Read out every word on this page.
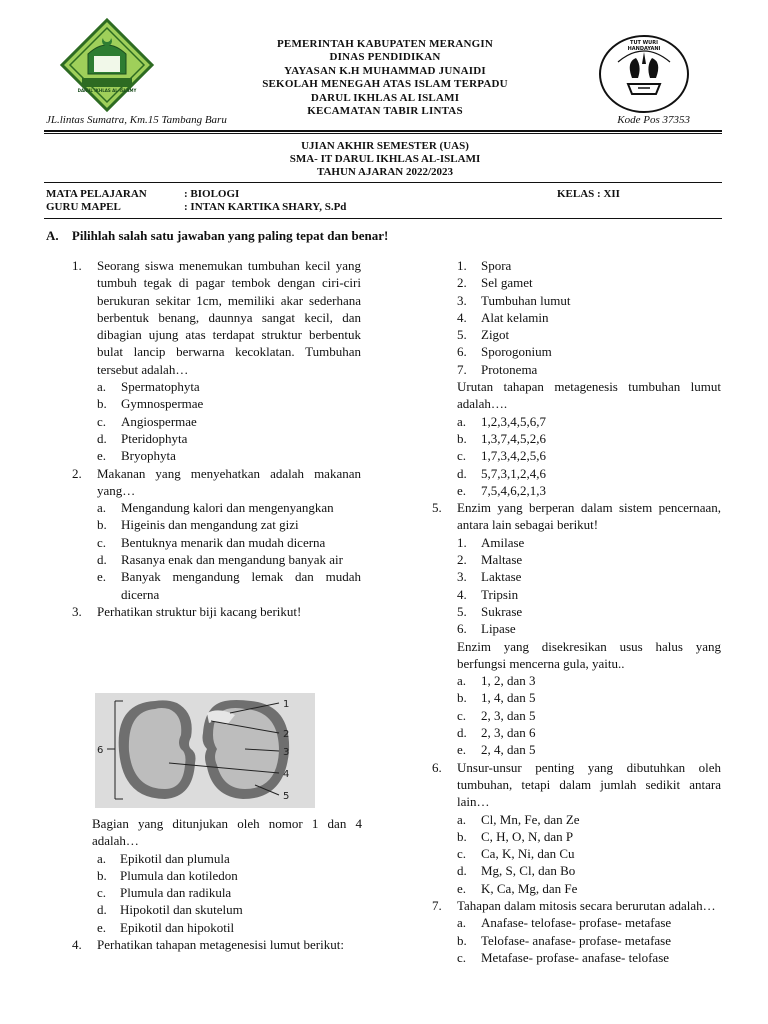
DARUL IKHLAS AL-ISLAMY
TUT WURI HANDAYANI
PEMERINTAH KABUPATEN MERANGIN
DINAS PENDIDIKAN
YAYASAN K.H MUHAMMAD JUNAIDI
SEKOLAH MENEGAH ATAS ISLAM TERPADU
DARUL IKHLAS AL ISLAMI
KECAMATAN TABIR LINTAS
JL.lintas Sumatra, Km.15 Tambang Baru	Kode Pos 37353
UJIAN AKHIR SEMESTER (UAS)
SMA- IT DARUL IKHLAS AL-ISLAMI
TAHUN AJARAN 2022/2023
MATA PELAJARAN	: BIOLOGI	KELAS : XII
GURU MAPEL	: INTAN KARTIKA SHARY, S.Pd
A. Pilihlah salah satu jawaban yang paling tepat dan benar!
1. Seorang siswa menemukan tumbuhan kecil yang tumbuh tegak di pagar tembok dengan ciri-ciri berukuran sekitar 1cm, memiliki akar sederhana berbentuk benang, daunnya sangat kecil, dan dibagian ujung atas terdapat struktur berbentuk bulat lancip berwarna kecoklatan. Tumbuhan tersebut adalah…
a. Spermatophyta
b. Gymnospermae
c. Angiospermae
d. Pteridophyta
e. Bryophyta
2. Makanan yang menyehatkan adalah makanan yang…
a. Mengandung kalori dan mengenyangkan
b. Higeinis dan mengandung zat gizi
c. Bentuknya menarik dan mudah dicerna
d. Rasanya enak dan mengandung banyak air
e. Banyak mengandung lemak dan mudah dicerna
3. Perhatikan struktur biji kacang berikut!
1
2
3
4
5
6
Bagian yang ditunjukan oleh nomor 1 dan 4 adalah…
a. Epikotil dan plumula
b. Plumula dan kotiledon
c. Plumula dan radikula
d. Hipokotil dan skutelum
e. Epikotil dan hipokotil
4. Perhatikan tahapan metagenesisi lumut berikut:
1. Spora
2. Sel gamet
3. Tumbuhan lumut
4. Alat kelamin
5. Zigot
6. Sporogonium
7. Protonema
Urutan tahapan metagenesis tumbuhan lumut adalah….
a. 1,2,3,4,5,6,7
b. 1,3,7,4,5,2,6
c. 1,7,3,4,2,5,6
d. 5,7,3,1,2,4,6
e. 7,5,4,6,2,1,3
5. Enzim yang berperan dalam sistem pencernaan, antara lain sebagai berikut!
1. Amilase
2. Maltase
3. Laktase
4. Tripsin
5. Sukrase
6. Lipase
Enzim yang disekresikan usus halus yang berfungsi mencerna gula, yaitu..
a. 1, 2, dan 3
b. 1, 4, dan 5
c. 2, 3, dan 5
d. 2, 3, dan 6
e. 2, 4, dan 5
6. Unsur-unsur penting yang dibutuhkan oleh tumbuhan, tetapi dalam jumlah sedikit antara lain…
a. Cl, Mn, Fe, dan Ze
b. C, H, O, N, dan P
c. Ca, K, Ni, dan Cu
d. Mg, S, Cl, dan Bo
e. K, Ca, Mg, dan Fe
7. Tahapan dalam mitosis secara berurutan adalah…
a. Anafase- telofase- profase- metafase
b. Telofase- anafase- profase- metafase
c. Metafase- profase- anafase- telofase
